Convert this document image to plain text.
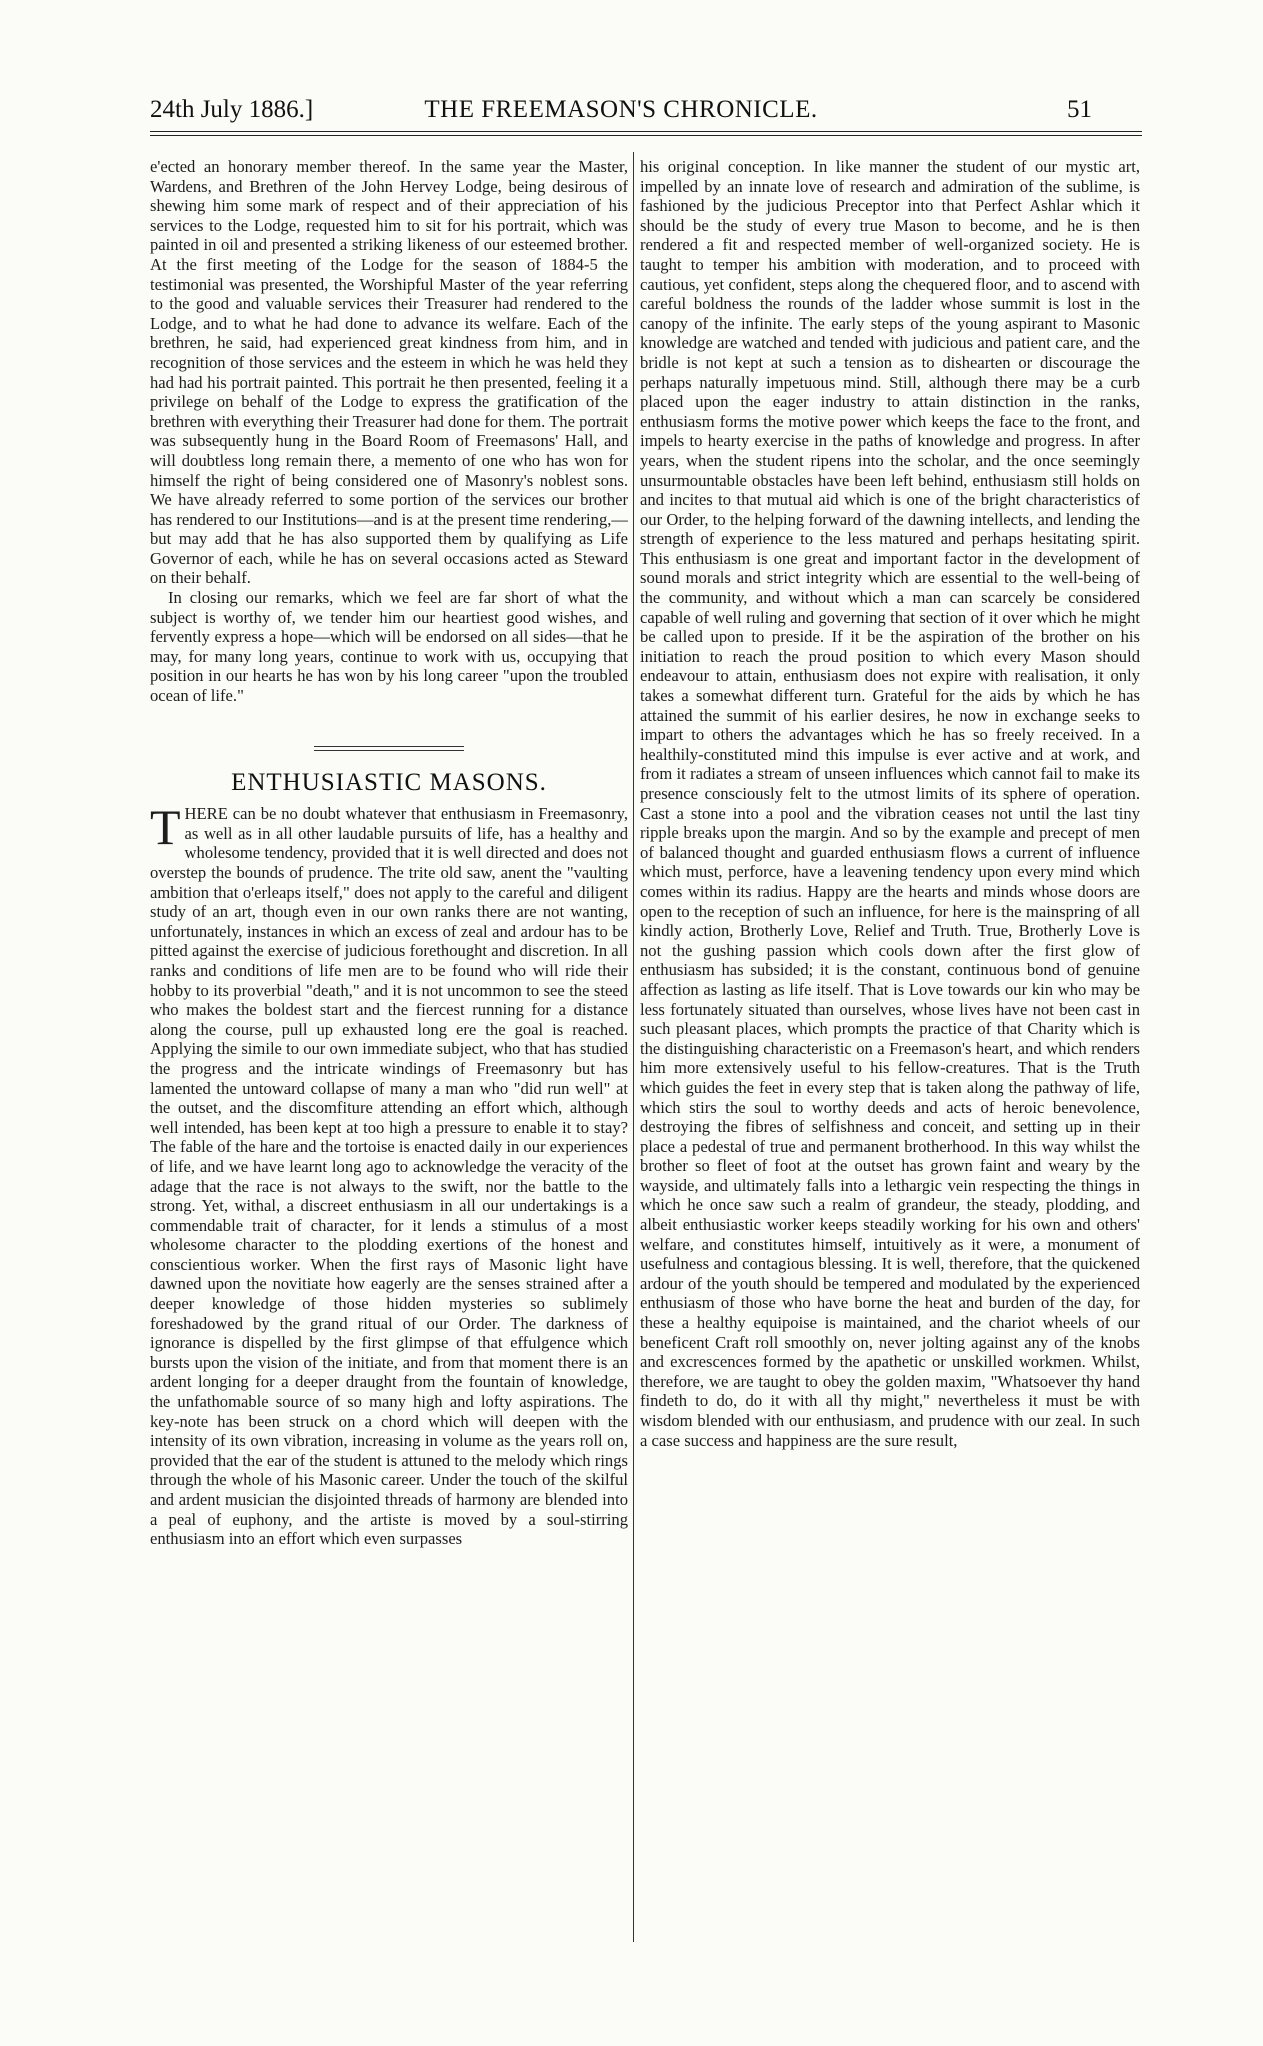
24th July 1886.]	THE FREEMASON'S CHRONICLE.	51

e'ected an honorary member thereof. In the same year the Master, Wardens, and Brethren of the John Hervey Lodge, being desirous of shewing him some mark of respect and of their appreciation of his services to the Lodge, requested him to sit for his portrait, which was painted in oil and presented a striking likeness of our esteemed brother. At the first meeting of the Lodge for the season of 1884-5 the testimonial was presented, the Worshipful Master of the year referring to the good and valuable services their Treasurer had rendered to the Lodge, and to what he had done to advance its welfare. Each of the brethren, he said, had experienced great kindness from him, and in recognition of those services and the esteem in which he was held they had had his portrait painted. This portrait he then presented, feeling it a privilege on behalf of the Lodge to express the gratification of the brethren with everything their Treasurer had done for them. The portrait was subsequently hung in the Board Room of Freemasons' Hall, and will doubtless long remain there, a memento of one who has won for himself the right of being considered one of Masonry's noblest sons. We have already referred to some portion of the services our brother has rendered to our Institutions—and is at the present time rendering,—but may add that he has also supported them by qualifying as Life Governor of each, while he has on several occasions acted as Steward on their behalf.

In closing our remarks, which we feel are far short of what the subject is worthy of, we tender him our heartiest good wishes, and fervently express a hope—which will be endorsed on all sides—that he may, for many long years, continue to work with us, occupying that position in our hearts he has won by his long career "upon the troubled ocean of life."

ENTHUSIASTIC MASONS.

THERE can be no doubt whatever that enthusiasm in Freemasonry, as well as in all other laudable pursuits of life, has a healthy and wholesome tendency, provided that it is well directed and does not overstep the bounds of prudence. The trite old saw, anent the "vaulting ambition that o'erleaps itself," does not apply to the careful and diligent study of an art, though even in our own ranks there are not wanting, unfortunately, instances in which an excess of zeal and ardour has to be pitted against the exercise of judicious forethought and discretion. In all ranks and conditions of life men are to be found who will ride their hobby to its proverbial "death," and it is not uncommon to see the steed who makes the boldest start and the fiercest running for a distance along the course, pull up exhausted long ere the goal is reached. Applying the simile to our own immediate subject, who that has studied the progress and the intricate windings of Freemasonry but has lamented the untoward collapse of many a man who "did run well" at the outset, and the discomfiture attending an effort which, although well intended, has been kept at too high a pressure to enable it to stay? The fable of the hare and the tortoise is enacted daily in our experiences of life, and we have learnt long ago to acknowledge the veracity of the adage that the race is not always to the swift, nor the battle to the strong. Yet, withal, a discreet enthusiasm in all our undertakings is a commendable trait of character, for it lends a stimulus of a most wholesome character to the plodding exertions of the honest and conscientious worker. When the first rays of Masonic light have dawned upon the novitiate how eagerly are the senses strained after a deeper knowledge of those hidden mysteries so sublimely foreshadowed by the grand ritual of our Order. The darkness of ignorance is dispelled by the first glimpse of that effulgence which bursts upon the vision of the initiate, and from that moment there is an ardent longing for a deeper draught from the fountain of knowledge, the unfathomable source of so many high and lofty aspirations. The key-note has been struck on a chord which will deepen with the intensity of its own vibration, increasing in volume as the years roll on, provided that the ear of the student is attuned to the melody which rings through the whole of his Masonic career. Under the touch of the skilful and ardent musician the disjointed threads of harmony are blended into a peal of euphony, and the artiste is moved by a soul-stirring enthusiasm into an effort which even surpasses

his original conception. In like manner the student of our mystic art, impelled by an innate love of research and admiration of the sublime, is fashioned by the judicious Preceptor into that Perfect Ashlar which it should be the study of every true Mason to become, and he is then rendered a fit and respected member of well-organized society. He is taught to temper his ambition with moderation, and to proceed with cautious, yet confident, steps along the chequered floor, and to ascend with careful boldness the rounds of the ladder whose summit is lost in the canopy of the infinite. The early steps of the young aspirant to Masonic knowledge are watched and tended with judicious and patient care, and the bridle is not kept at such a tension as to dishearten or discourage the perhaps naturally impetuous mind. Still, although there may be a curb placed upon the eager industry to attain distinction in the ranks, enthusiasm forms the motive power which keeps the face to the front, and impels to hearty exercise in the paths of knowledge and progress. In after years, when the student ripens into the scholar, and the once seemingly unsurmountable obstacles have been left behind, enthusiasm still holds on and incites to that mutual aid which is one of the bright characteristics of our Order, to the helping forward of the dawning intellects, and lending the strength of experience to the less matured and perhaps hesitating spirit. This enthusiasm is one great and important factor in the development of sound morals and strict integrity which are essential to the well-being of the community, and without which a man can scarcely be considered capable of well ruling and governing that section of it over which he might be called upon to preside. If it be the aspiration of the brother on his initiation to reach the proud position to which every Mason should endeavour to attain, enthusiasm does not expire with realisation, it only takes a somewhat different turn. Grateful for the aids by which he has attained the summit of his earlier desires, he now in exchange seeks to impart to others the advantages which he has so freely received. In a healthily-constituted mind this impulse is ever active and at work, and from it radiates a stream of unseen influences which cannot fail to make its presence consciously felt to the utmost limits of its sphere of operation. Cast a stone into a pool and the vibration ceases not until the last tiny ripple breaks upon the margin. And so by the example and precept of men of balanced thought and guarded enthusiasm flows a current of influence which must, perforce, have a leavening tendency upon every mind which comes within its radius. Happy are the hearts and minds whose doors are open to the reception of such an influence, for here is the mainspring of all kindly action, Brotherly Love, Relief and Truth. True, Brotherly Love is not the gushing passion which cools down after the first glow of enthusiasm has subsided; it is the constant, continuous bond of genuine affection as lasting as life itself. That is Love towards our kin who may be less fortunately situated than ourselves, whose lives have not been cast in such pleasant places, which prompts the practice of that Charity which is the distinguishing characteristic on a Freemason's heart, and which renders him more extensively useful to his fellow-creatures. That is the Truth which guides the feet in every step that is taken along the pathway of life, which stirs the soul to worthy deeds and acts of heroic benevolence, destroying the fibres of selfishness and conceit, and setting up in their place a pedestal of true and permanent brotherhood. In this way whilst the brother so fleet of foot at the outset has grown faint and weary by the wayside, and ultimately falls into a lethargic vein respecting the things in which he once saw such a realm of grandeur, the steady, plodding, and albeit enthusiastic worker keeps steadily working for his own and others' welfare, and constitutes himself, intuitively as it were, a monument of usefulness and contagious blessing. It is well, therefore, that the quickened ardour of the youth should be tempered and modulated by the experienced enthusiasm of those who have borne the heat and burden of the day, for these a healthy equipoise is maintained, and the chariot wheels of our beneficent Craft roll smoothly on, never jolting against any of the knobs and excrescences formed by the apathetic or unskilled workmen. Whilst, therefore, we are taught to obey the golden maxim, "Whatsoever thy hand findeth to do, do it with all thy might," nevertheless it must be with wisdom blended with our enthusiasm, and prudence with our zeal. In such a case success and happiness are the sure result,
